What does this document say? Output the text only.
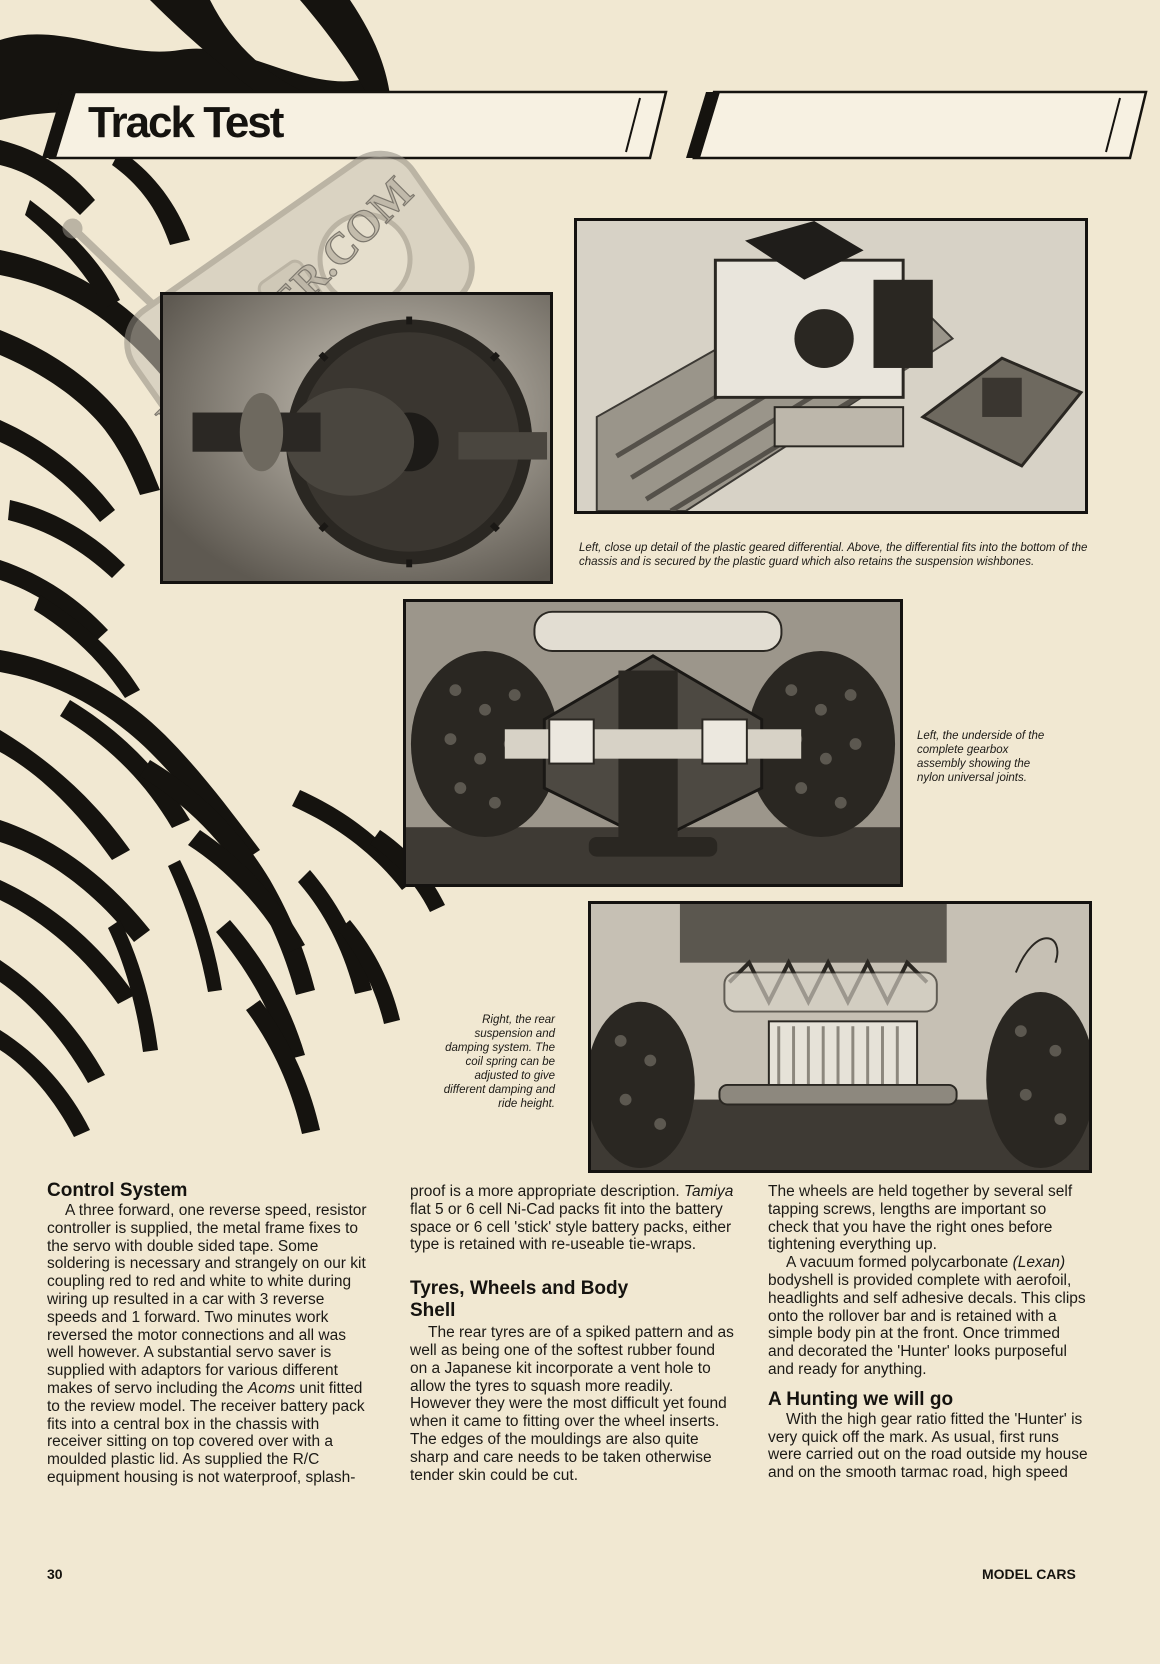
Track Test
Left, close up detail of the plastic geared differential. Above, the differential fits into the bottom of the chassis and is secured by the plastic guard which also retains the suspension wishbones.
Left, the underside of the
complete gearbox
assembly showing the
nylon universal joints.
Right, the rear
suspension and
damping system. The
coil spring can be
adjusted to give
different damping and
ride height.
Control System

A three forward, one reverse speed, resistor controller is supplied, the metal frame fixes to the servo with double sided tape. Some soldering is necessary and strangely on our kit coupling red to red and white to white during wiring up resulted in a car with 3 reverse speeds and 1 forward. Two minutes work reversed the motor connections and all was well however. A substantial servo saver is supplied with adaptors for various different makes of servo including the Acoms unit fitted to the review model. The receiver battery pack fits into a central box in the chassis with receiver sitting on top covered over with a moulded plastic lid. As supplied the R/C equipment housing is not waterproof, splash-

proof is a more appropriate description. Tamiya flat 5 or 6 cell Ni-Cad packs fit into the battery space or 6 cell 'stick' style battery packs, either type is retained with re-useable tie-wraps.

Tyres, Wheels and Body Shell

The rear tyres are of a spiked pattern and as well as being one of the softest rubber found on a Japanese kit incorporate a vent hole to allow the tyres to squash more readily. However they were the most difficult yet found when it came to fitting over the wheel inserts. The edges of the mouldings are also quite sharp and care needs to be taken otherwise tender skin could be cut.

The wheels are held together by several self tapping screws, lengths are important so check that you have the right ones before tightening everything up.

A vacuum formed polycarbonate (Lexan) bodyshell is provided complete with aerofoil, headlights and self adhesive decals. This clips onto the rollover bar and is retained with a simple body pin at the front. Once trimmed and decorated the 'Hunter' looks purposeful and ready for anything.

A Hunting we will go

With the high gear ratio fitted the 'Hunter' is very quick off the mark. As usual, first runs were carried out on the road outside my house and on the smooth tarmac road, high speed

30	MODEL CARS
